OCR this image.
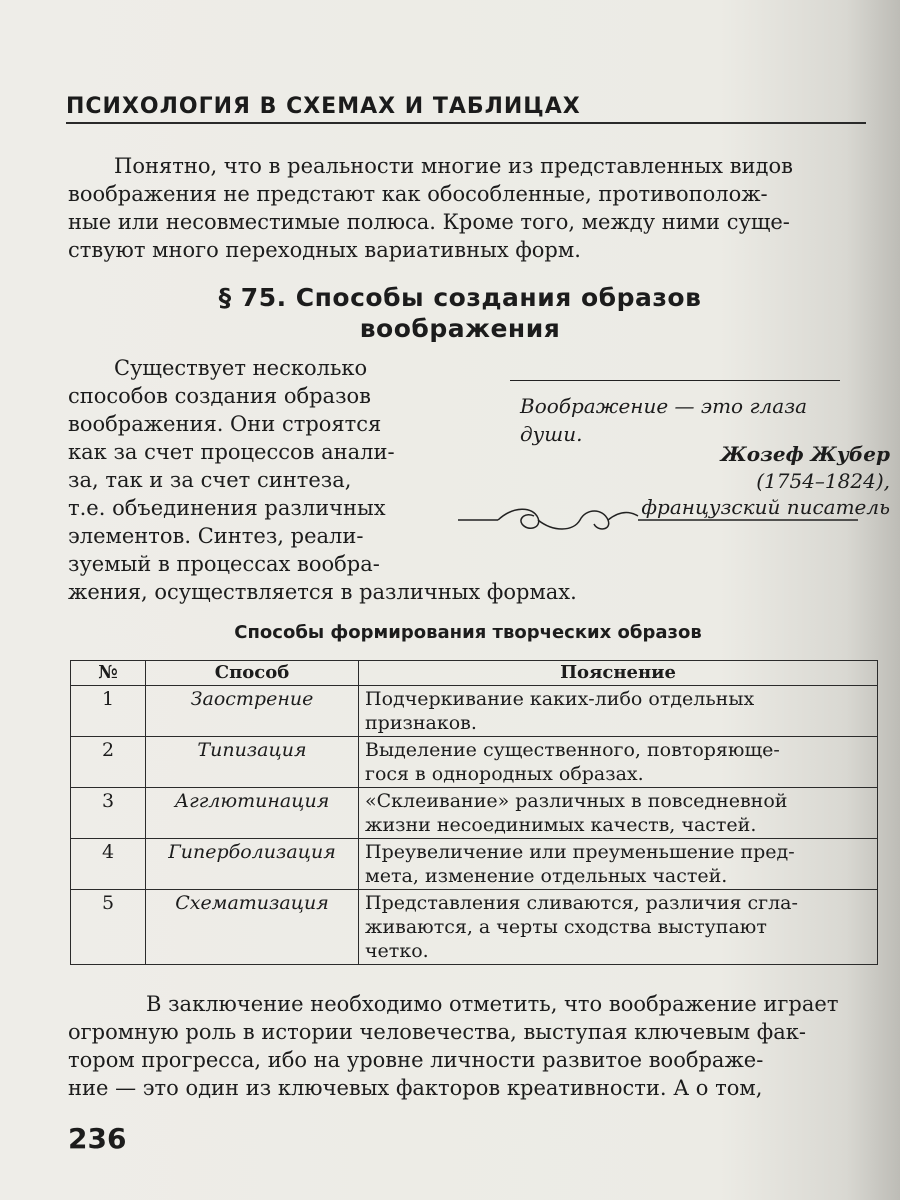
ПСИХОЛОГИЯ В СХЕМАХ И ТАБЛИЦАХ
Понятно, что в реальности многие из представленных видов
воображения не предстают как обособленные, противополож-
ные или несовместимые полюса. Кроме того, между ними суще-
ствуют много переходных вариативных форм.
§ 75. Способы создания образов
воображения
Существует несколько
способов создания образов
воображения. Они строятся
как за счет процессов анали-
за, так и за счет синтеза,
т.е. объединения различных
элементов. Синтез, реали-
зуемый в процессах вообра-
жения, осуществляется в различных формах.
Воображение — это глаза
души.
Жозеф Жубер
(1754–1824),
французский писатель
Способы формирования творческих образов
№	Способ	Пояснение
1	Заострение	Подчеркивание каких-либо отдельных
признаков.

2	Типизация	Выделение существенного, повторяюще-
гося в однородных образах.

3	Агглютинация	«Склеивание» различных в повседневной
жизни несоединимых качеств, частей.

4	Гиперболизация	Преувеличение или преуменьшение пред-
мета, изменение отдельных частей.

5	Схематизация	Представления сливаются, различия сгла-
живаются, а черты сходства выступают
четко.
В заключение необходимо отметить, что воображение играет
огромную роль в истории человечества, выступая ключевым фак-
тором прогресса, ибо на уровне личности развитое воображе-
ние — это один из ключевых факторов креативности. А о том,
236
